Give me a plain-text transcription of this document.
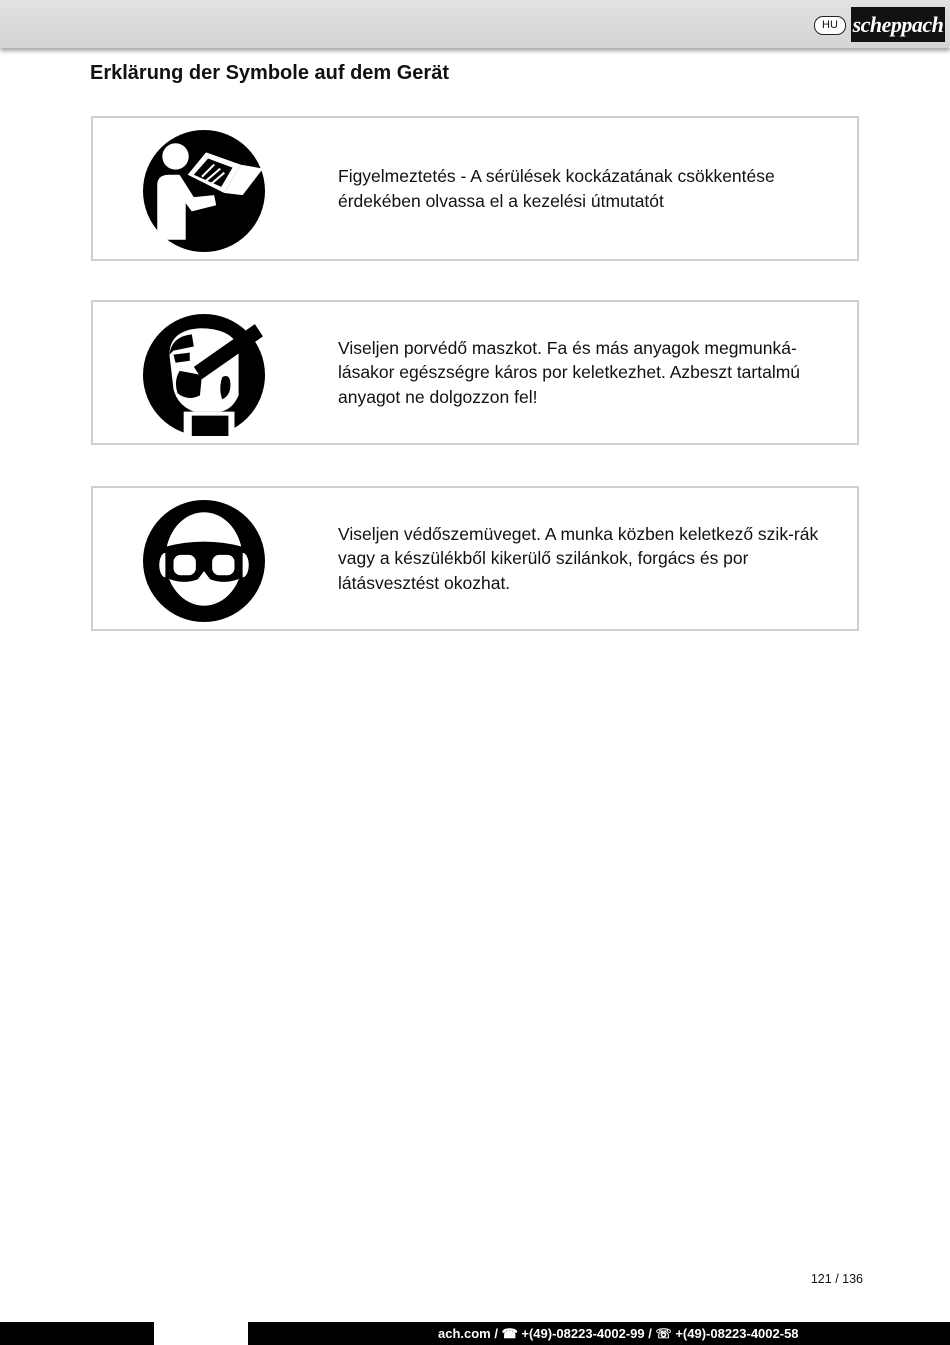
HU scheppach
Erklärung der Symbole auf dem Gerät
Figyelmeztetés - A sérülések kockázatának csökkentése érdekében olvassa el a kezelési útmutatót
Viseljen porvédő maszkot. Fa és más anyagok megmunká-lásakor egészségre káros por keletkezhet. Azbeszt tartalmú anyagot ne dolgozzon fel!
Viseljen védőszemüveget. A munka közben keletkező szik-rák vagy a készülékből kikerülő szilánkok, forgács és por látásvesztést okozhat.
121 / 136
ach.com / ☎ +(49)-08223-4002-99 / ☏ +(49)-08223-4002-58
